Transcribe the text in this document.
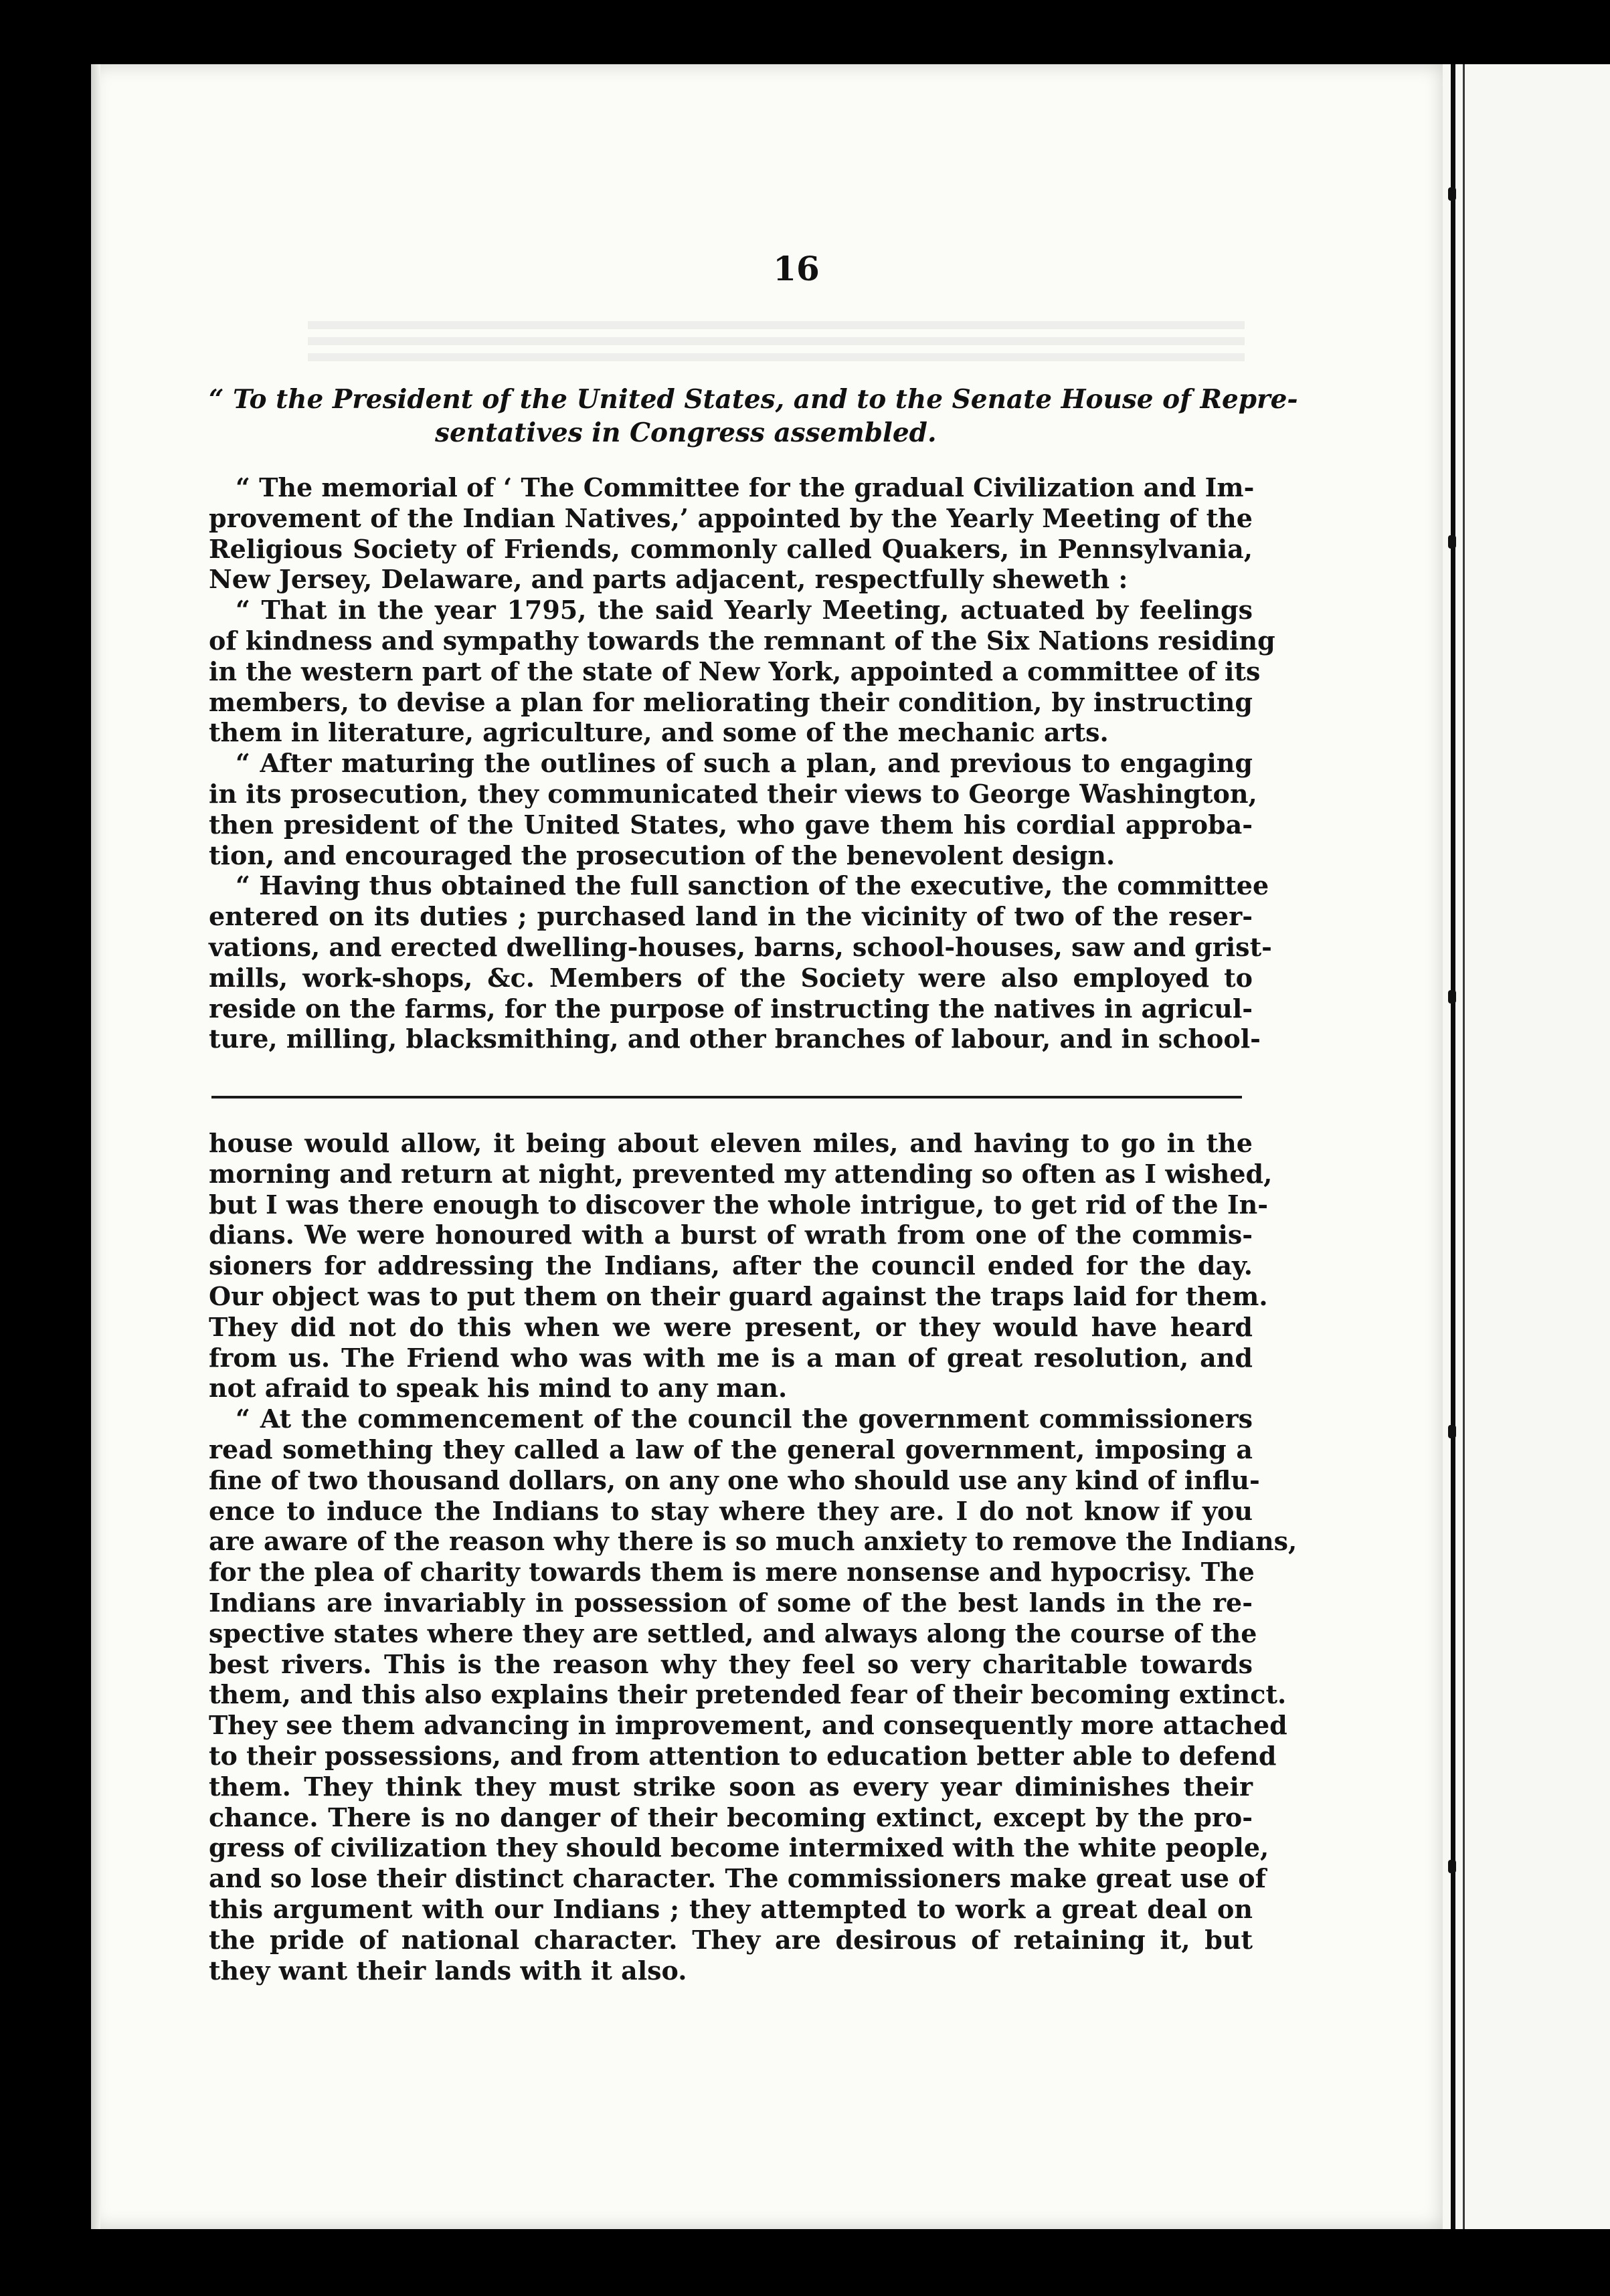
16
“ To the President of the United States, and to the Senate House of Repre-
sentatives in Congress assembled.
“ The memorial of ‘ The Committee for the gradual Civilization and Im-
provement of the Indian Natives,’ appointed by the Yearly Meeting of the
Religious Society of Friends, commonly called Quakers, in Pennsylvania,
New Jersey, Delaware, and parts adjacent, respectfully sheweth :
“ That in the year 1795, the said Yearly Meeting, actuated by feelings
of kindness and sympathy towards the remnant of the Six Nations residing
in the western part of the state of New York, appointed a committee of its
members, to devise a plan for meliorating their condition, by instructing
them in literature, agriculture, and some of the mechanic arts.
“ After maturing the outlines of such a plan, and previous to engaging
in its prosecution, they communicated their views to George Washington,
then president of the United States, who gave them his cordial approba-
tion, and encouraged the prosecution of the benevolent design.
“ Having thus obtained the full sanction of the executive, the committee
entered on its duties ; purchased land in the vicinity of two of the reser-
vations, and erected dwelling-houses, barns, school-houses, saw and grist-
mills, work-shops, &c. Members of the Society were also employed to
reside on the farms, for the purpose of instructing the natives in agricul-
ture, milling, blacksmithing, and other branches of labour, and in school-
house would allow, it being about eleven miles, and having to go in the
morning and return at night, prevented my attending so often as I wished,
but I was there enough to discover the whole intrigue, to get rid of the In-
dians. We were honoured with a burst of wrath from one of the commis-
sioners for addressing the Indians, after the council ended for the day.
Our object was to put them on their guard against the traps laid for them.
They did not do this when we were present, or they would have heard
from us. The Friend who was with me is a man of great resolution, and
not afraid to speak his mind to any man.
“ At the commencement of the council the government commissioners
read something they called a law of the general government, imposing a
fine of two thousand dollars, on any one who should use any kind of influ-
ence to induce the Indians to stay where they are. I do not know if you
are aware of the reason why there is so much anxiety to remove the Indians,
for the plea of charity towards them is mere nonsense and hypocrisy. The
Indians are invariably in possession of some of the best lands in the re-
spective states where they are settled, and always along the course of the
best rivers. This is the reason why they feel so very charitable towards
them, and this also explains their pretended fear of their becoming extinct.
They see them advancing in improvement, and consequently more attached
to their possessions, and from attention to education better able to defend
them. They think they must strike soon as every year diminishes their
chance. There is no danger of their becoming extinct, except by the pro-
gress of civilization they should become intermixed with the white people,
and so lose their distinct character. The commissioners make great use of
this argument with our Indians ; they attempted to work a great deal on
the pride of national character. They are desirous of retaining it, but
they want their lands with it also.
